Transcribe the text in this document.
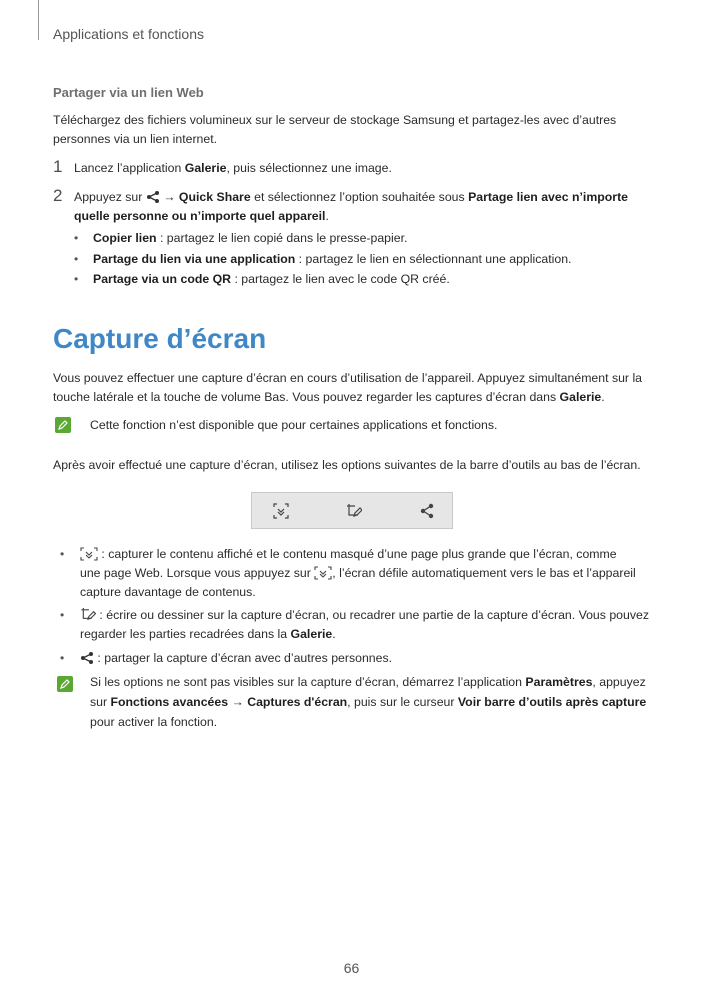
Applications et fonctions
Partager via un lien Web
Téléchargez des fichiers volumineux sur le serveur de stockage Samsung et partagez-les avec d’autres personnes via un lien internet.
1 Lancez l’application Galerie, puis sélectionnez une image.
2 Appuyez sur  → Quick Share et sélectionnez l’option souhaitée sous Partage lien avec n’importe
quelle personne ou n’importe quel appareil.
• Copier lien : partagez le lien copié dans le presse-papier.
• Partage du lien via une application : partagez le lien en sélectionnant une application.
• Partage via un code QR : partagez le lien avec le code QR créé.
Capture d’écran
Vous pouvez effectuer une capture d’écran en cours d’utilisation de l’appareil. Appuyez simultanément sur la
touche latérale et la touche de volume Bas. Vous pouvez regarder les captures d’écran dans Galerie.
Cette fonction n’est disponible que pour certaines applications et fonctions.
Après avoir effectué une capture d’écran, utilisez les options suivantes de la barre d’outils au bas de l’écran.
•	: capturer le contenu affiché et le contenu masqué d’une page plus grande que l’écran, comme
une page Web. Lorsque vous appuyez sur , l’écran défile automatiquement vers le bas et l’appareil
capture davantage de contenus.
•	: écrire ou dessiner sur la capture d’écran, ou recadrer une partie de la capture d’écran. Vous pouvez
regarder les parties recadrées dans la Galerie.
•	: partager la capture d’écran avec d’autres personnes.
Si les options ne sont pas visibles sur la capture d’écran, démarrez l’application Paramètres, appuyez
sur Fonctions avancées → Captures d'écran, puis sur le curseur Voir barre d’outils après capture
pour activer la fonction.
66
